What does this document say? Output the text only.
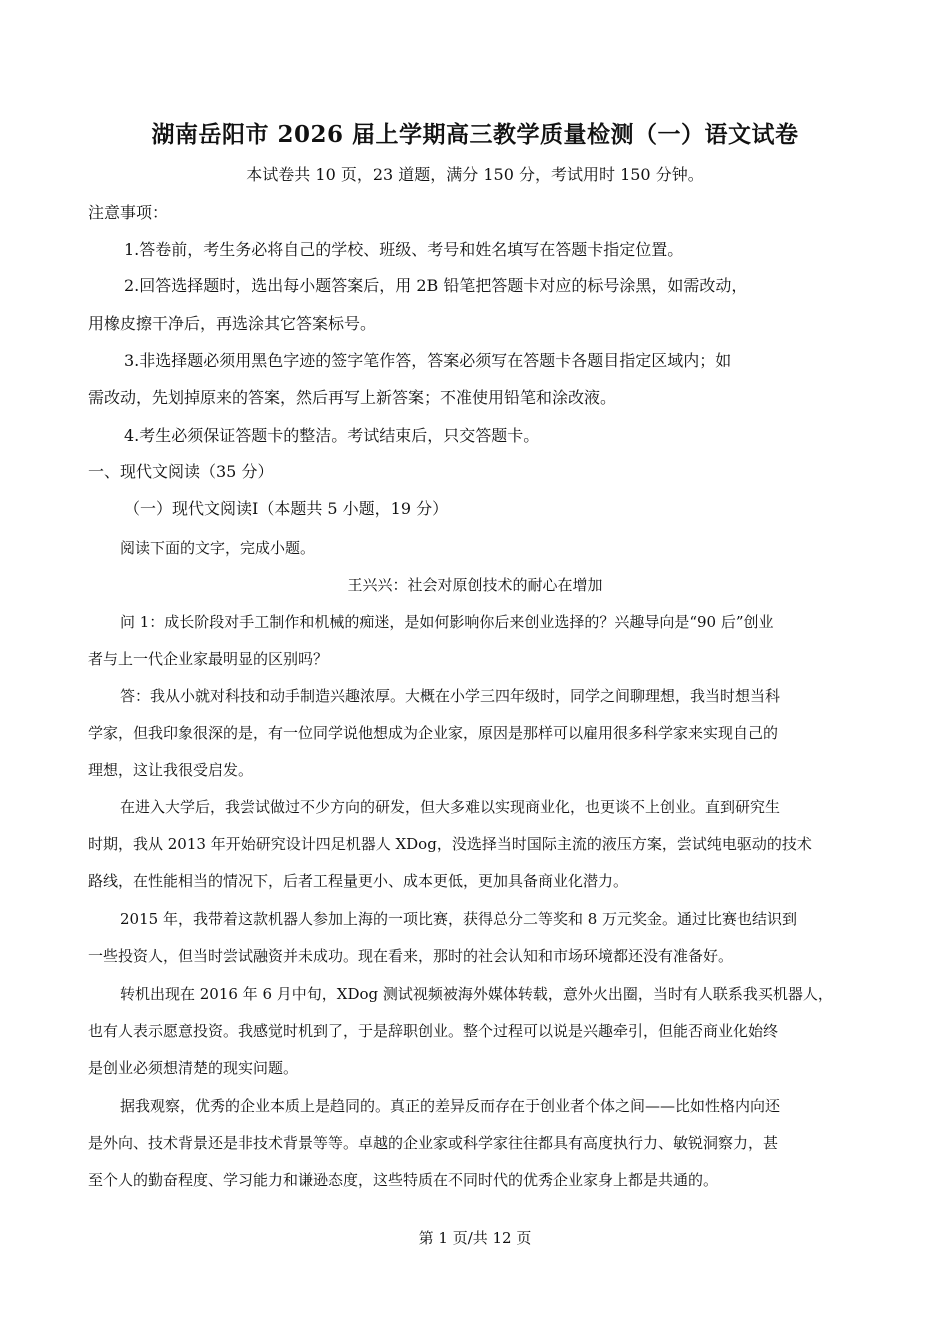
湖南岳阳市 2026 届上学期高三教学质量检测（一）语文试卷
本试卷共 10 页，23 道题，满分 150 分，考试用时 150 分钟。
注意事项：
1.答卷前，考生务必将自己的学校、班级、考号和姓名填写在答题卡指定位置。
2.回答选择题时，选出每小题答案后，用 2B 铅笔把答题卡对应的标号涂黑，如需改动，
用橡皮擦干净后，再选涂其它答案标号。
3.非选择题必须用黑色字迹的签字笔作答，答案必须写在答题卡各题目指定区域内；如
需改动，先划掉原来的答案，然后再写上新答案；不准使用铅笔和涂改液。
4.考生必须保证答题卡的整洁。考试结束后，只交答题卡。
一、现代文阅读（35 分）
（一）现代文阅读Ⅰ（本题共 5 小题，19 分）
阅读下面的文字，完成小题。
王兴兴：社会对原创技术的耐心在增加
问 1：成长阶段对手工制作和机械的痴迷，是如何影响你后来创业选择的？兴趣导向是“90 后”创业
者与上一代企业家最明显的区别吗？
答：我从小就对科技和动手制造兴趣浓厚。大概在小学三四年级时，同学之间聊理想，我当时想当科
学家，但我印象很深的是，有一位同学说他想成为企业家，原因是那样可以雇用很多科学家来实现自己的
理想，这让我很受启发。
在进入大学后，我尝试做过不少方向的研发，但大多难以实现商业化，也更谈不上创业。直到研究生
时期，我从 2013 年开始研究设计四足机器人 XDog，没选择当时国际主流的液压方案，尝试纯电驱动的技术
路线，在性能相当的情况下，后者工程量更小、成本更低，更加具备商业化潜力。
2015 年，我带着这款机器人参加上海的一项比赛，获得总分二等奖和 8 万元奖金。通过比赛也结识到
一些投资人，但当时尝试融资并未成功。现在看来，那时的社会认知和市场环境都还没有准备好。
转机出现在 2016 年 6 月中旬，XDog 测试视频被海外媒体转载，意外火出圈，当时有人联系我买机器人，
也有人表示愿意投资。我感觉时机到了，于是辞职创业。整个过程可以说是兴趣牵引，但能否商业化始终
是创业必须想清楚的现实问题。
据我观察，优秀的企业本质上是趋同的。真正的差异反而存在于创业者个体之间——比如性格内向还
是外向、技术背景还是非技术背景等等。卓越的企业家或科学家往往都具有高度执行力、敏锐洞察力，甚
至个人的勤奋程度、学习能力和谦逊态度，这些特质在不同时代的优秀企业家身上都是共通的。
第 1 页/共 12 页
